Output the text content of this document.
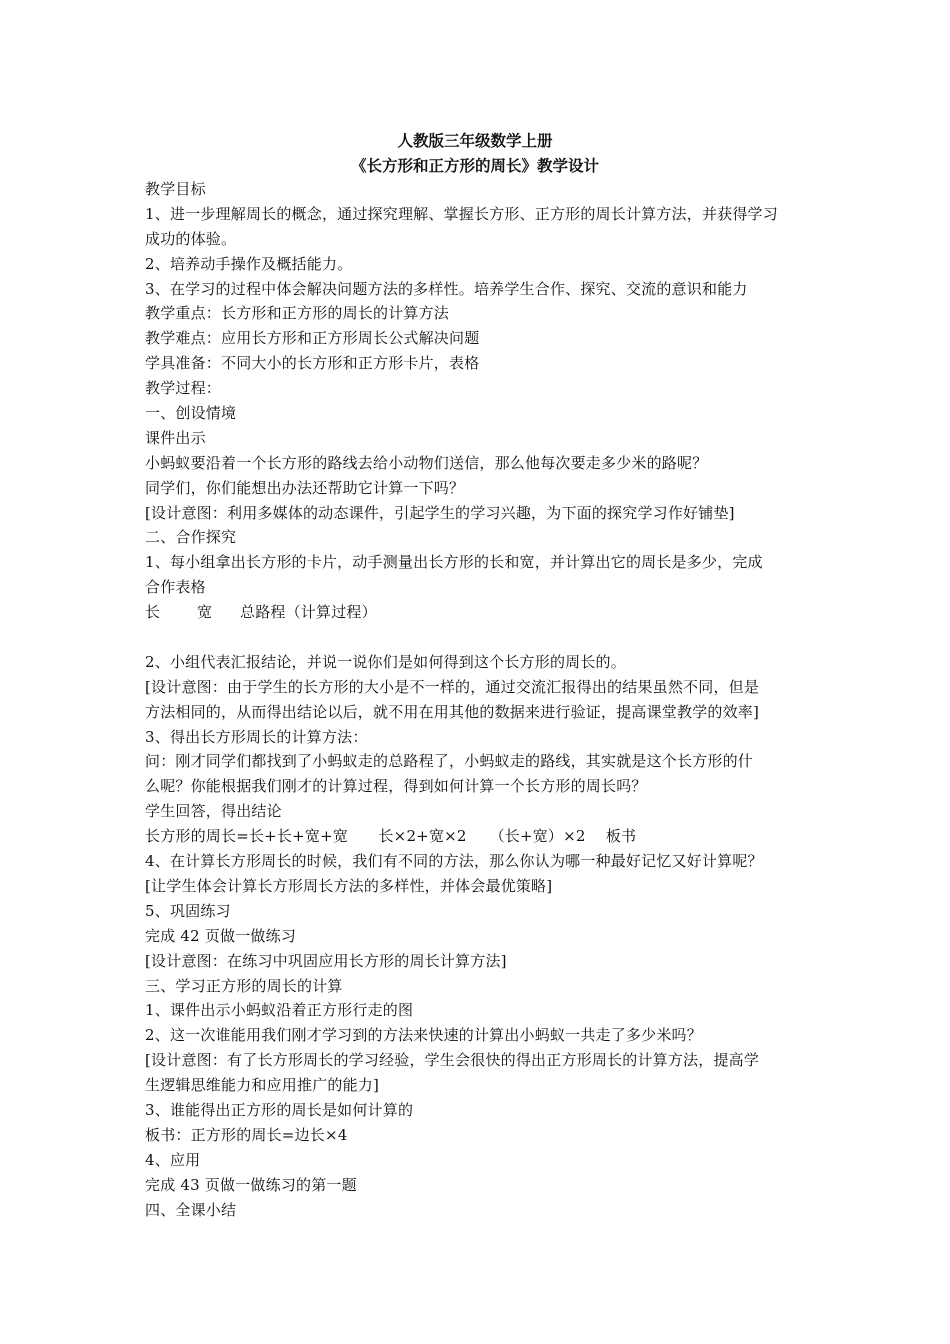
人教版三年级数学上册
《长方形和正方形的周长》教学设计
教学目标
1、进一步理解周长的概念，通过探究理解、掌握长方形、正方形的周长计算方法，并获得学习
成功的体验。
2、培养动手操作及概括能力。
3、在学习的过程中体会解决问题方法的多样性。培养学生合作、探究、交流的意识和能力
教学重点：长方形和正方形的周长的计算方法
教学难点：应用长方形和正方形周长公式解决问题
学具准备：不同大小的长方形和正方形卡片，表格
教学过程：
一、创设情境
课件出示
小蚂蚁要沿着一个长方形的路线去给小动物们送信，那么他每次要走多少米的路呢？
同学们，你们能想出办法还帮助它计算一下吗？
[设计意图：利用多媒体的动态课件，引起学生的学习兴趣，为下面的探究学习作好铺垫]
二、合作探究
1、每小组拿出长方形的卡片，动手测量出长方形的长和宽，并计算出它的周长是多少，完成
合作表格
长 宽 总路程（计算过程）
2、小组代表汇报结论，并说一说你们是如何得到这个长方形的周长的。
[设计意图：由于学生的长方形的大小是不一样的，通过交流汇报得出的结果虽然不同，但是
方法相同的，从而得出结论以后，就不用在用其他的数据来进行验证，提高课堂教学的效率]
3、得出长方形周长的计算方法：
问：刚才同学们都找到了小蚂蚁走的总路程了，小蚂蚁走的路线，其实就是这个长方形的什
么呢？你能根据我们刚才的计算过程，得到如何计算一个长方形的周长吗？
学生回答，得出结论
长方形的周长=长+长+宽+宽　　长×2+宽×2　　（长+宽）×2　 板书
4、在计算长方形周长的时候，我们有不同的方法，那么你认为哪一种最好记忆又好计算呢？
[让学生体会计算长方形周长方法的多样性，并体会最优策略]
5、巩固练习
完成 42 页做一做练习
[设计意图：在练习中巩固应用长方形的周长计算方法]
三、学习正方形的周长的计算
1、课件出示小蚂蚁沿着正方形行走的图
2、这一次谁能用我们刚才学习到的方法来快速的计算出小蚂蚁一共走了多少米吗？
[设计意图：有了长方形周长的学习经验，学生会很快的得出正方形周长的计算方法，提高学
生逻辑思维能力和应用推广的能力]
3、谁能得出正方形的周长是如何计算的
板书：正方形的周长=边长×4
4、应用
完成 43 页做一做练习的第一题
四、全课小结
